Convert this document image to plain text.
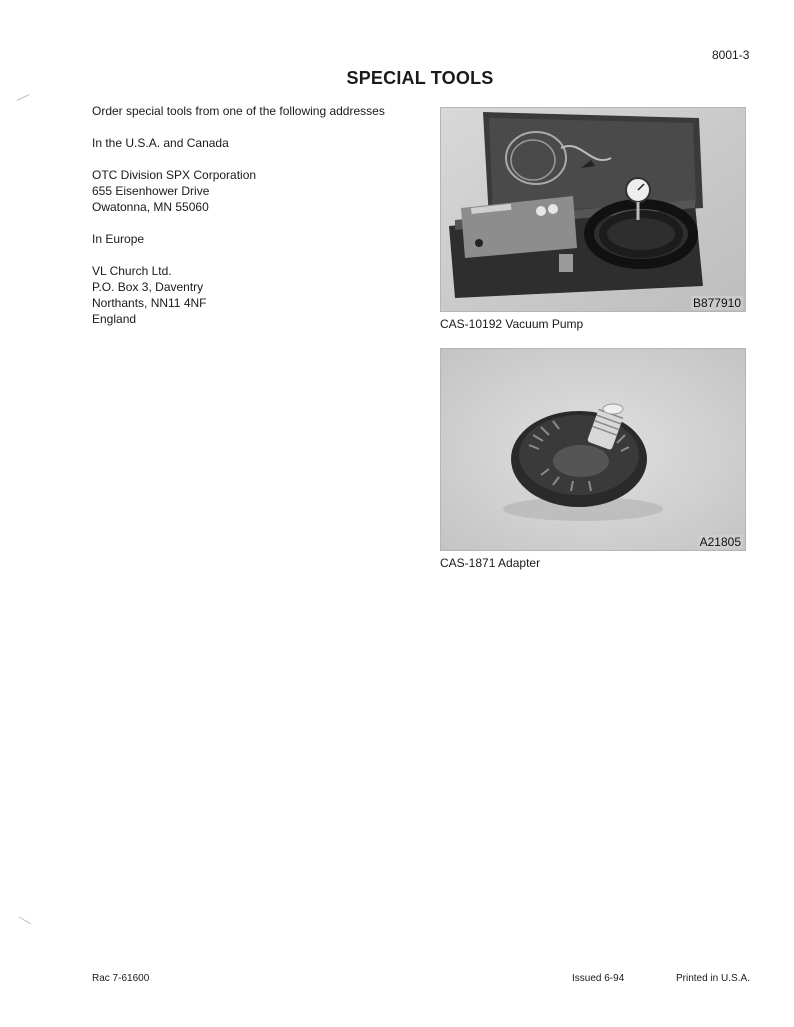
8001-3
SPECIAL TOOLS

Order special tools from one of the following addresses

In the U.S.A. and Canada

OTC Division SPX Corporation
655 Eisenhower Drive
Owatonna, MN 55060

In Europe

VL Church Ltd.
P.O. Box 3, Daventry
Northants, NN11 4NF
England
B877910
CAS-10192 Vacuum Pump
A21805
CAS-1871 Adapter
Rac 7-61600	Issued 6-94	Printed in U.S.A.
